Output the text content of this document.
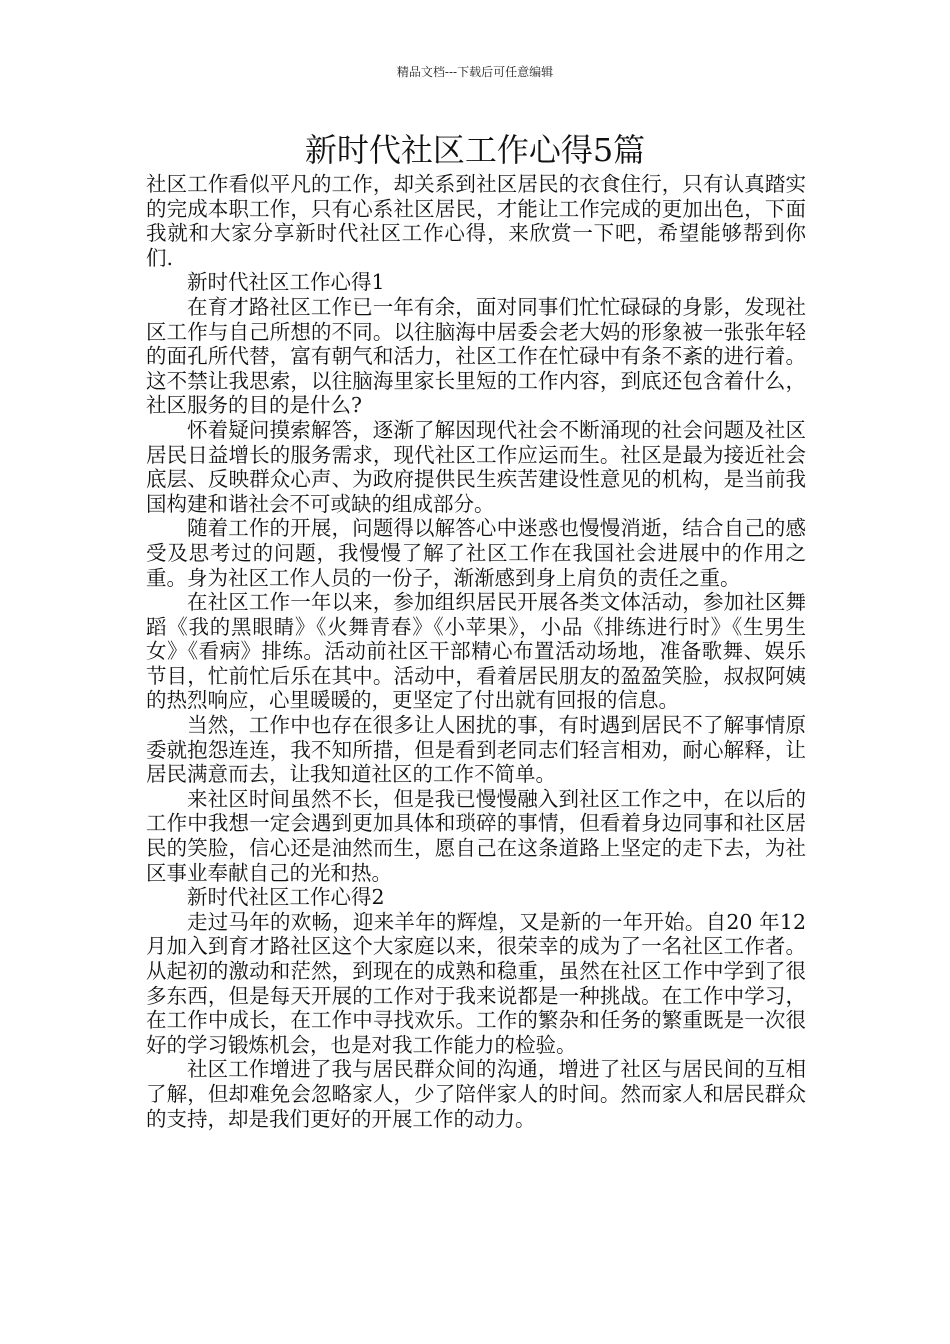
精品文档---下载后可任意编辑
新时代社区工作心得5篇

社区工作看似平凡的工作，却关系到社区居民的衣食住行，只有认真踏实的完成本职工作，只有心系社区居民，才能让工作完成的更加出色，下面我就和大家分享新时代社区工作心得，来欣赏一下吧，希望能够帮到你们.

新时代社区工作心得1

在育才路社区工作已一年有余，面对同事们忙忙碌碌的身影，发现社区工作与自己所想的不同。以往脑海中居委会老大妈的形象被一张张年轻的面孔所代替，富有朝气和活力，社区工作在忙碌中有条不紊的进行着。这不禁让我思索，以往脑海里家长里短的工作内容，到底还包含着什么，社区服务的目的是什么?

怀着疑问摸索解答，逐渐了解因现代社会不断涌现的社会问题及社区居民日益增长的服务需求，现代社区工作应运而生。社区是最为接近社会底层、反映群众心声、为政府提供民生疾苦建设性意见的机构，是当前我国构建和谐社会不可或缺的组成部分。

随着工作的开展，问题得以解答心中迷惑也慢慢消逝，结合自己的感受及思考过的问题，我慢慢了解了社区工作在我国社会进展中的作用之重。身为社区工作人员的一份子，渐渐感到身上肩负的责任之重。

在社区工作一年以来，参加组织居民开展各类文体活动，参加社区舞蹈《我的黑眼睛》《火舞青春》《小苹果》，小品《排练进行时》《生男生女》《看病》排练。活动前社区干部精心布置活动场地，准备歌舞、娱乐节目，忙前忙后乐在其中。活动中，看着居民朋友的盈盈笑脸，叔叔阿姨的热烈响应，心里暖暖的，更坚定了付出就有回报的信息。

当然，工作中也存在很多让人困扰的事，有时遇到居民不了解事情原委就抱怨连连，我不知所措，但是看到老同志们轻言相劝，耐心解释，让居民满意而去，让我知道社区的工作不简单。

来社区时间虽然不长，但是我已慢慢融入到社区工作之中，在以后的工作中我想一定会遇到更加具体和琐碎的事情，但看着身边同事和社区居民的笑脸，信心还是油然而生，愿自己在这条道路上坚定的走下去，为社区事业奉献自己的光和热。

新时代社区工作心得2

走过马年的欢畅，迎来羊年的辉煌，又是新的一年开始。自20 年12月加入到育才路社区这个大家庭以来，很荣幸的成为了一名社区工作者。从起初的激动和茫然，到现在的成熟和稳重，虽然在社区工作中学到了很多东西，但是每天开展的工作对于我来说都是一种挑战。在工作中学习，在工作中成长，在工作中寻找欢乐。工作的繁杂和任务的繁重既是一次很好的学习锻炼机会，也是对我工作能力的检验。

社区工作增进了我与居民群众间的沟通，增进了社区与居民间的互相了解，但却难免会忽略家人，少了陪伴家人的时间。然而家人和居民群众的支持，却是我们更好的开展工作的动力。
